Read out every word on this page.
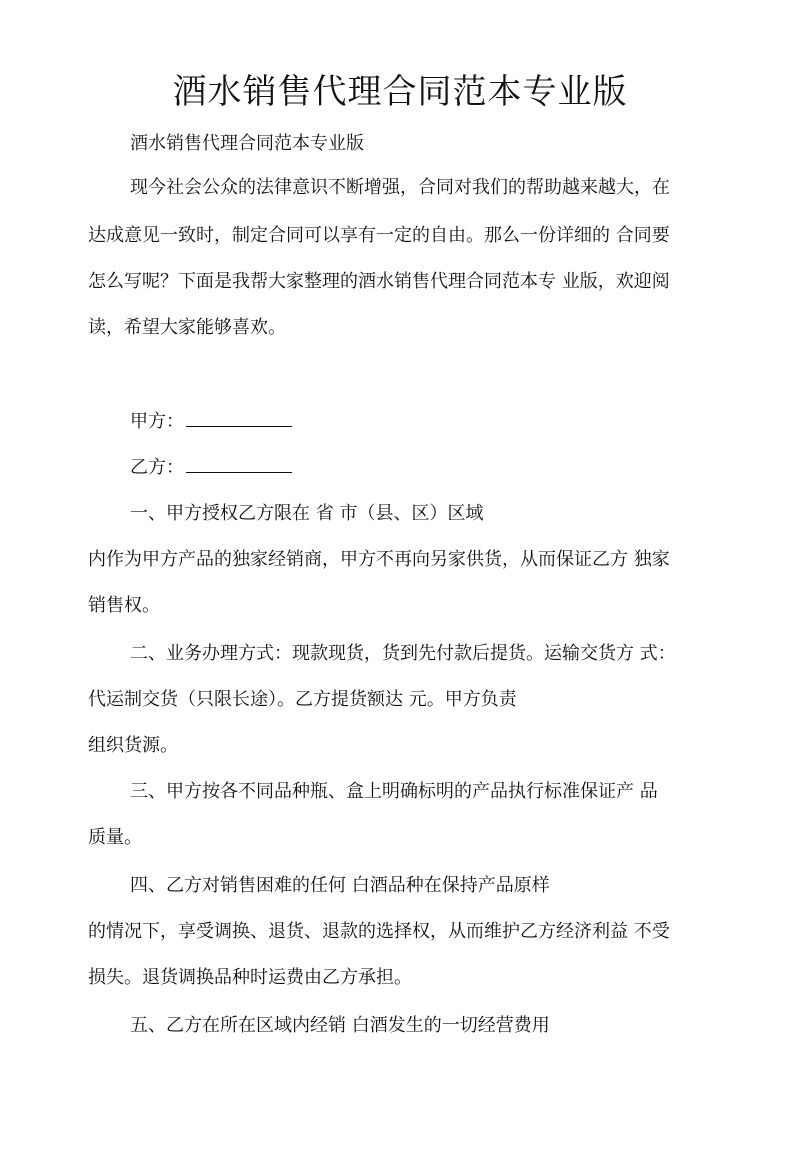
酒水销售代理合同范本专业版
酒水销售代理合同范本专业版
现今社会公众的法律意识不断增强，合同对我们的帮助越来越大，在
达成意见一致时，制定合同可以享有一定的自由。那么一份详细的 合同要
怎么写呢？下面是我帮大家整理的酒水销售代理合同范本专 业版，欢迎阅
读，希望大家能够喜欢。
甲方：
乙方：
一、甲方授权乙方限在 省 市（县、区）区域
内作为甲方产品的独家经销商，甲方不再向另家供货，从而保证乙方 独家
销售权。
二、业务办理方式：现款现货，货到先付款后提货。运输交货方 式：
代运制交货（只限长途）。乙方提货额达 元。甲方负责
组织货源。
三、甲方按各不同品种瓶、盒上明确标明的产品执行标准保证产 品
质量。
四、乙方对销售困难的任何 白酒品种在保持产品原样
的情况下，享受调换、退货、退款的选择权，从而维护乙方经济利益 不受
损失。退货调换品种时运费由乙方承担。
五、乙方在所在区域内经销 白酒发生的一切经营费用
